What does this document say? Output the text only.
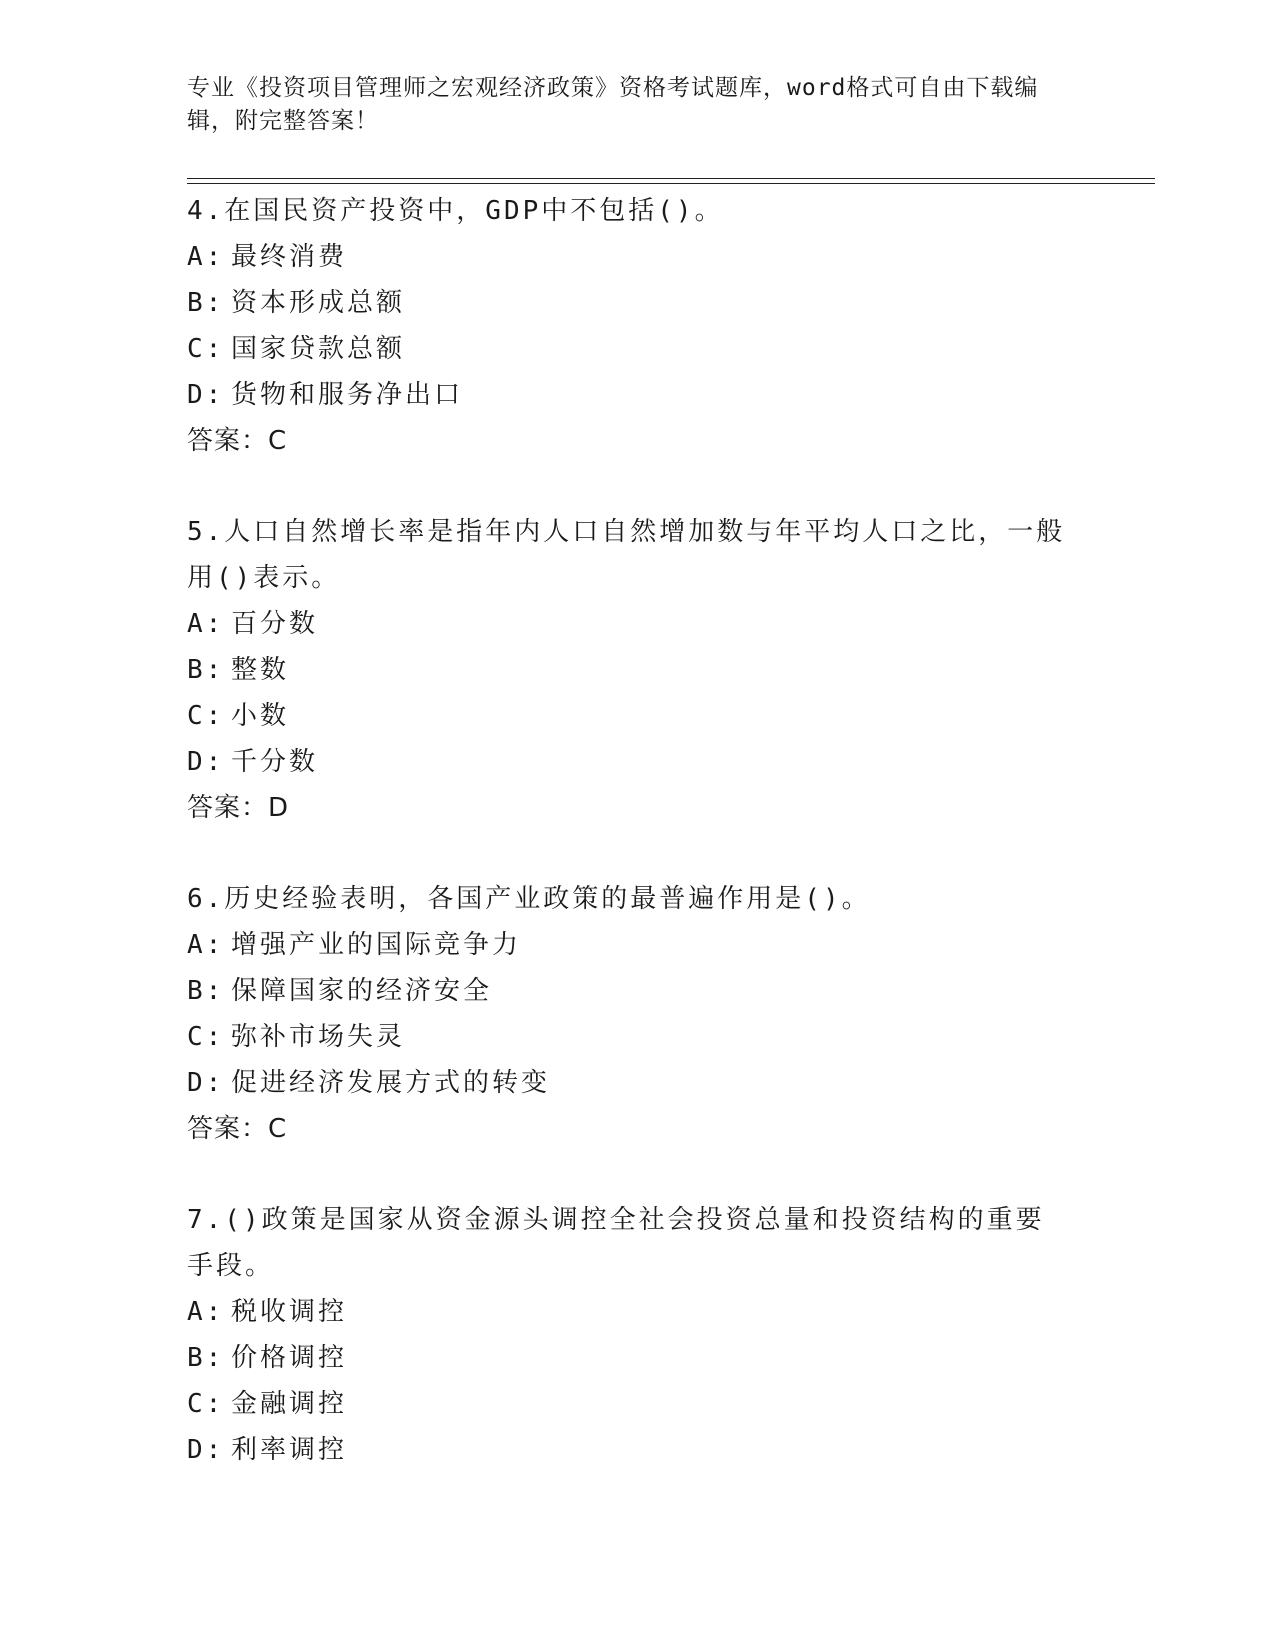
专业《投资项目管理师之宏观经济政策》资格考试题库，word格式可自由下载编辑，附完整答案！
4.在国民资产投资中，GDP中不包括()。
A: 最终消费
B: 资本形成总额
C: 国家贷款总额
D: 货物和服务净出口
答案：C
5.人口自然增长率是指年内人口自然增加数与年平均人口之比，一般用()表示。
A: 百分数
B: 整数
C: 小数
D: 千分数
答案：D
6.历史经验表明，各国产业政策的最普遍作用是()。
A: 增强产业的国际竞争力
B: 保障国家的经济安全
C: 弥补市场失灵
D: 促进经济发展方式的转变
答案：C
7.()政策是国家从资金源头调控全社会投资总量和投资结构的重要手段。
A: 税收调控
B: 价格调控
C: 金融调控
D: 利率调控
